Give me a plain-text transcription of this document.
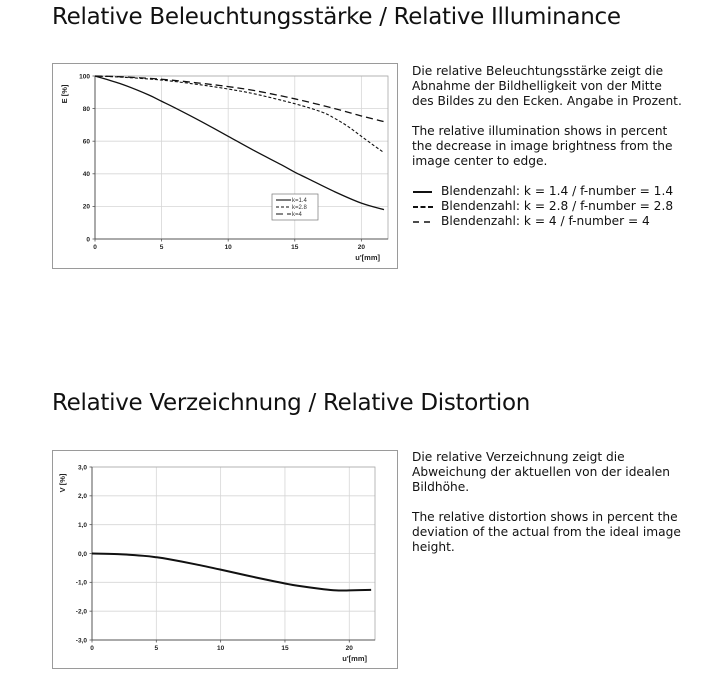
Relative Beleuchtungsstärke / Relative Illuminance
0	5	10	15	20
0
20
40
60
80
100
u'[mm]
E [%]
k=1.4
k=2.8
k=4

Die relative Beleuchtungsstärke zeigt die Abnahme der Bildhelligkeit von der Mitte des Bildes zu den Ecken. Angabe in Prozent.

The relative illumination shows in percent the decrease in image brightness from the image center to edge.

Blendenzahl: k = 1.4 / f-number = 1.4
Blendenzahl: k = 2.8 / f-number = 2.8
Blendenzahl: k = 4 / f-number = 4
Relative Verzeichnung / Relative Distortion
0	5	10	15	20
-3,0
-2,0
-1,0
0,0
1,0
2,0
3,0
u'[mm]
V [%]

Die relative Verzeichnung zeigt die Abweichung der aktuellen von der idealen Bildhöhe.

The relative distortion shows in percent the deviation of the actual from the ideal image height.
